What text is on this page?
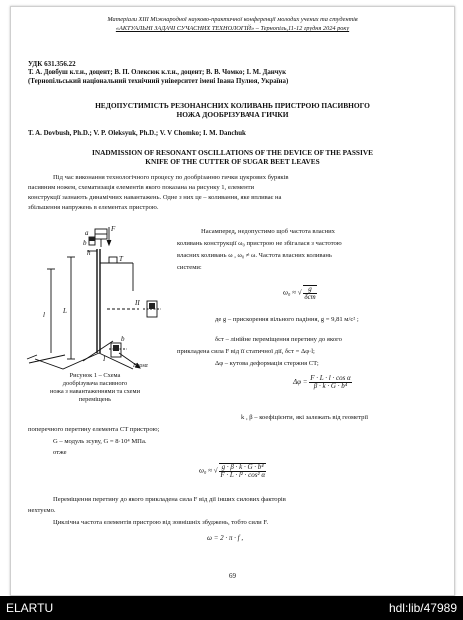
Матеріали XIII Міжнародної науково-практичної конференції молодих учених та студентів
«АКТУАЛЬНІ ЗАДАЧІ СУЧАСНИХ ТЕХНОЛОГІЙ» – Тернопіль,11-12 грудня 2024 року
УДК 631.356.22
Т. А. Довбуш к.т.н., доцент; В. П. Олексюк к.т.н., доцент; В. В. Чомко; І. М. Данчук
(Тернопільський національний технічний університет імені Івана Пулюя, Україна)
НЕДОПУСТИМІСТЬ РЕЗОНАНСНИХ КОЛИВАНЬ ПРИСТРОЮ ПАСИВНОГО
НОЖА ДООБРІЗУВАЧА ГИЧКИ
T. A. Dovbush, Ph.D.; V. P. Oleksyuk, Ph.D.; V. V Chomko; I. M. Danchuk
INADMISSION OF RESONANT OSCILLATIONS OF THE DEVICE OF THE PASSIVE
KNIFE OF THE CUTTER OF SUGAR BEET LEAVES
Під час виконання технологічного процесу по дообрізанню гички цукрових буряків
пасивним ножем, схематизація елементів якого показана на рисунку 1, елементи
конструкції зазнають динамічних навантажень. Одне з них це – коливання, яке впливає на
збільшення напружень в елементах пристрою.
a	F
b
h
T
L
l
II
Fcosα
b
I
Рисунок 1 – Схема
дообрізувача пасивного
ножа з навантаженнями та схеми
переміщень
Насамперед, недопустимо щоб частота власних
коливань конструкції ω₀ пристрою не збігалася з частотою
власних коливань ω , ω₀ ≠ ω. Частота власних коливань
системи:
ω₀ ≈ √ $\frac{g}{\text{δст}}$
де g – прискорення вільного падіння, g = 9,81 м/с² ;
δст – лінійне переміщення перетину до якого
прикладена сила F від її статичної дії, δст = Δφ·l;
Δφ – кутова деформація стержня CT;
$\Delta\varphi = \frac{\text{F · L · l · cos α}}{\text{β · k · G · b⁴}}$
k , β – коефіцієнти, які залежать від геометрії
поперечного перетину елемента CT пристрою;
G – модуль зсуву, G = 8·10⁴ МПа.
отже
ω₀ ≈ √ $\frac{\text{g · β · k · G · b⁴}}{\text{F · L · l² · cos² α}}$
Переміщення перетину до якого прикладена сила F від дії інших силових факторів
нехтуємо.
Циклічна частота елементів пристрою від зовнішніх збуджень, тобто сили F.
ω = 2 · π · f ,
69
ELARTU	hdl:lib/47989
